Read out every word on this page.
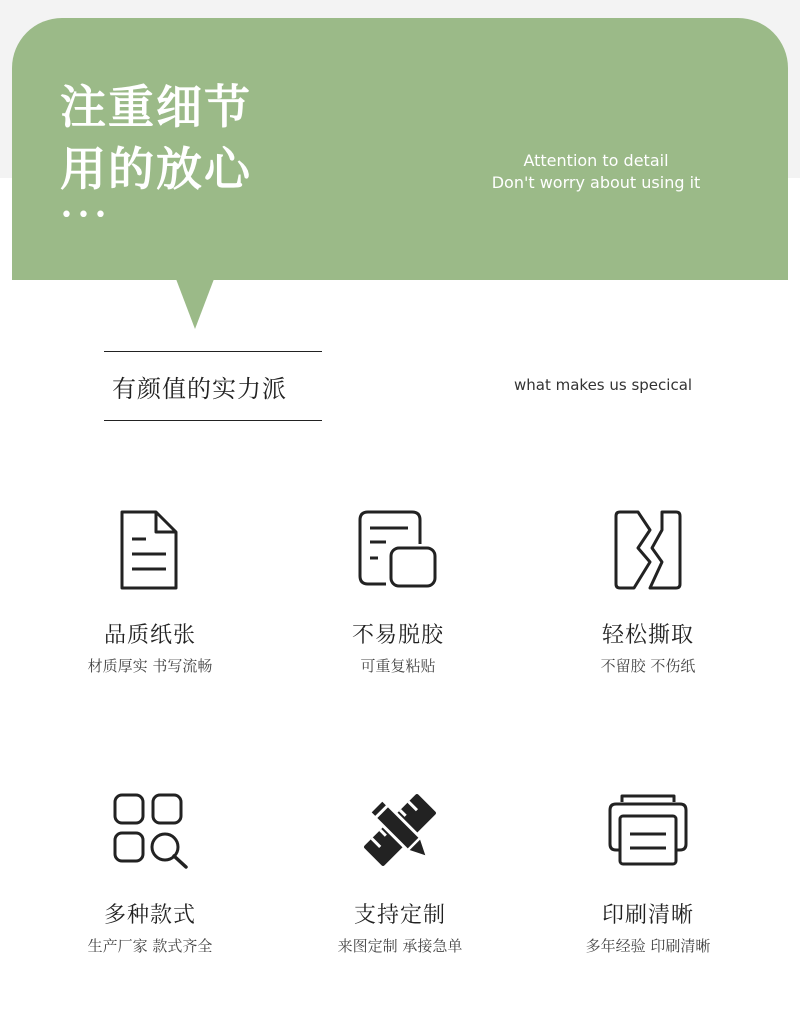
注重细节
用的放心
•••
Attention to detail
Don't worry about using it
有颜值的实力派	what makes us specical
品质纸张
材质厚实 书写流畅
不易脱胶
可重复粘贴
轻松撕取
不留胶 不伤纸
多种款式
生产厂家 款式齐全
支持定制
来图定制 承接急单
印刷清晰
多年经验 印刷清晰
